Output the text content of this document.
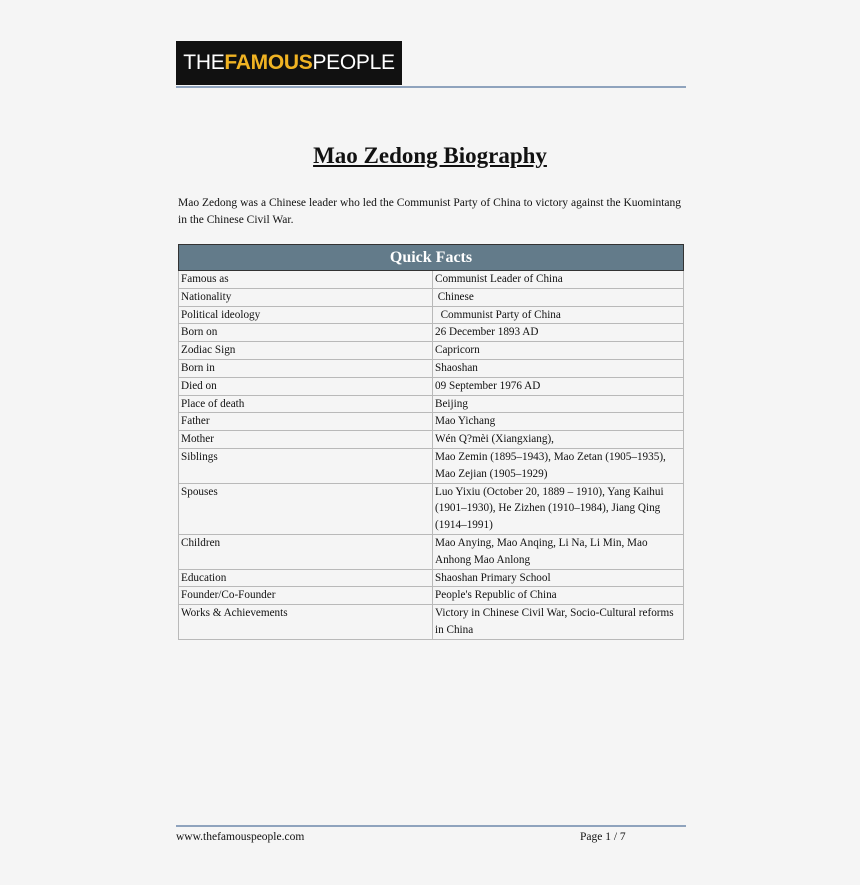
THE FAMOUS PEOPLE
Mao Zedong Biography

Mao Zedong was a Chinese leader who led the Communist Party of China to victory against the Kuomintang in the Chinese Civil War.

Quick Facts	
Famous as	Communist Leader of China
Nationality	Chinese
Political ideology	Communist Party of China
Born on	26 December 1893 AD
Zodiac Sign	Capricorn
Born in	Shaoshan
Died on	09 September 1976 AD
Place of death	Beijing
Father	Mao Yichang
Mother	Wén Q?mèi (Xiangxiang),
Siblings	Mao Zemin (1895–1943), Mao Zetan (1905–1935), Mao Zejian (1905–1929)
Spouses	Luo Yixiu (October 20, 1889 – 1910), Yang Kaihui (1901–1930), He Zizhen (1910–1984), Jiang Qing (1914–1991)
Children	Mao Anying, Mao Anqing, Li Na, Li Min, Mao Anhong Mao Anlong
Education	Shaoshan Primary School
Founder/Co-Founder	People's Republic of China
Works & Achievements	Victory in Chinese Civil War, Socio-Cultural reforms in China
www.thefamouspeople.com	Page 1 / 7
